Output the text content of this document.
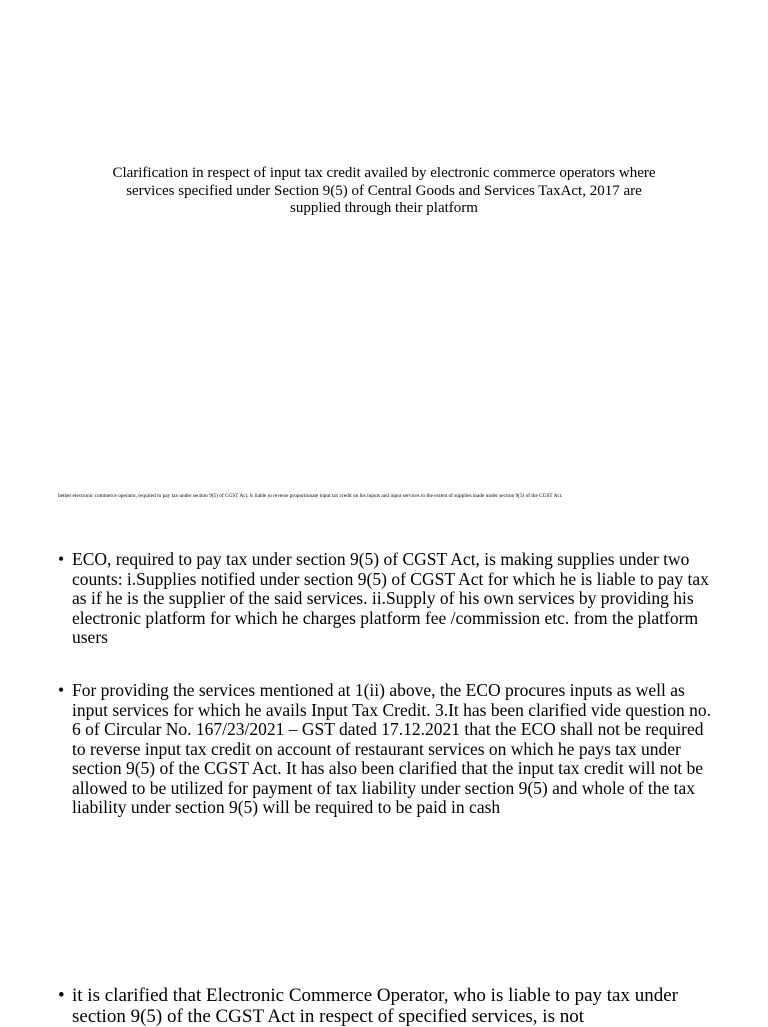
Clarification in respect of input tax credit availed by electronic commerce operators where services specified under Section 9(5) of Central Goods and Services TaxAct, 2017 are supplied through their platform
hether electronic commerce operator, required to pay tax under section 9(5) of CGST Act, is liable to reverse proportionate input tax credit on his inputs and input services to the extent of supplies made under section 9(5) of the CGST Act.
• ECO, required to pay tax under section 9(5) of CGST Act, is making supplies under two counts: i.Supplies notified under section 9(5) of CGST Act for which he is liable to pay tax as if he is the supplier of the said services. ii.Supply of his own services by providing his electronic platform for which he charges platform fee /commission etc. from the platform users
• For providing the services mentioned at 1(ii) above, the ECO procures inputs as well as input services for which he avails Input Tax Credit. 3.It has been clarified vide question no. 6 of Circular No. 167/23/2021 – GST dated 17.12.2021 that the ECO shall not be required to reverse input tax credit on account of restaurant services on which he pays tax under section 9(5) of the CGST Act. It has also been clarified that the input tax credit will not be allowed to be utilized for payment of tax liability under section 9(5) and whole of the tax liability under section 9(5) will be required to be paid in cash
• it is clarified that Electronic Commerce Operator, who is liable to pay tax under section 9(5) of the CGST Act in respect of specified services, is not
